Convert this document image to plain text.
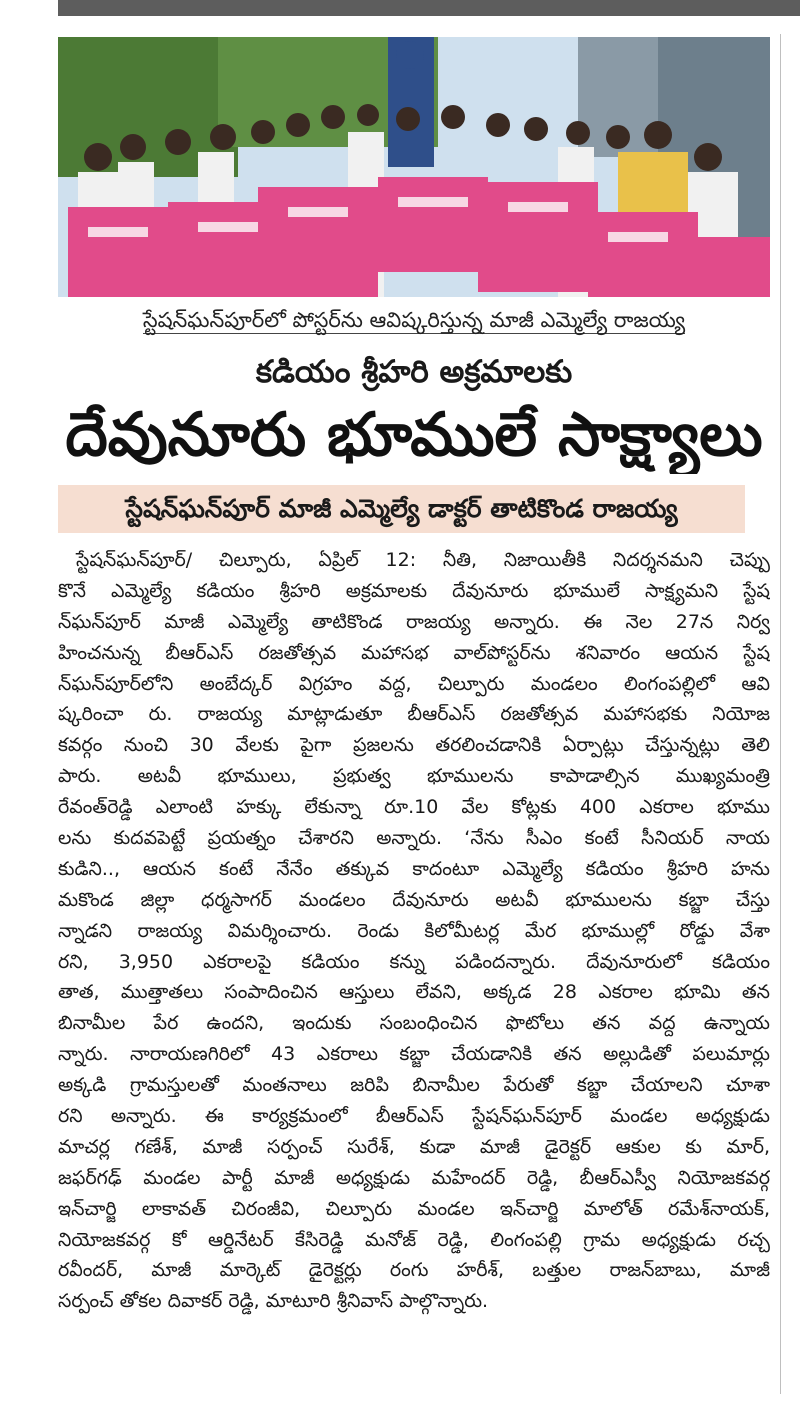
స్టేషన్‌ఘన్‌పూర్‌లో పోస్టర్‌ను ఆవిష్కరిస్తున్న మాజీ ఎమ్మెల్యే రాజయ్య
కడియం శ్రీహరి అక్రమాలకు
దేవునూరు భూములే సాక్ష్యాలు
స్టేషన్‌ఘన్‌పూర్ మాజీ ఎమ్మెల్యే డాక్టర్ తాటికొండ రాజయ్య
స్టేషన్‌ఘన్‌పూర్/ చిల్పూరు, ఏప్రిల్ 12: నీతి, నిజాయితీకి నిదర్శనమని చెప్పు
కొనే ఎమ్మెల్యే కడియం శ్రీహరి అక్రమాలకు దేవునూరు భూములే సాక్ష్యమని స్టేష
న్‌ఘన్‌పూర్ మాజీ ఎమ్మెల్యే తాటికొండ రాజయ్య అన్నారు. ఈ నెల 27న నిర్వ
హించనున్న బీఆర్ఎస్ రజతోత్సవ మహాసభ వాల్‌పోస్టర్‌ను శనివారం ఆయన స్టేష
న్‌ఘన్‌పూర్‌లోని అంబేద్కర్ విగ్రహం వద్ద, చిల్పూరు మండలం లింగంపల్లిలో ఆవి
ష్కరించా రు. రాజయ్య మాట్లాడుతూ బీఆర్ఎస్ రజతోత్సవ మహాసభకు నియోజ
కవర్గం నుంచి 30 వేలకు పైగా ప్రజలను తరలించడానికి ఏర్పాట్లు చేస్తున్నట్లు తెలి
పారు. అటవీ భూములు, ప్రభుత్వ భూములను కాపాడాల్సిన ముఖ్యమంత్రి
రేవంత్‌రెడ్డి ఎలాంటి హక్కు లేకున్నా రూ.10 వేల కోట్లకు 400 ఎకరాల భూము
లను కుదవపెట్టే ప్రయత్నం చేశారని అన్నారు. ‘నేను సీఎం కంటే సీనియర్ నాయ
కుడిని.., ఆయన కంటే నేనేం తక్కువ కాదంటూ ఎమ్మెల్యే కడియం శ్రీహరి హను
మకొండ జిల్లా ధర్మసాగర్ మండలం దేవునూరు అటవీ భూములను కబ్జా చేస్తు
న్నాడని రాజయ్య విమర్శించారు. రెండు కిలోమీటర్ల మేర భూముల్లో రోడ్డు వేశా
రని, 3,950 ఎకరాలపై కడియం కన్ను పడిందన్నారు. దేవునూరులో కడియం
తాత, ముత్తాతలు సంపాదించిన ఆస్తులు లేవని, అక్కడ 28 ఎకరాల భూమి తన
బినామీల పేర ఉందని, ఇందుకు సంబంధించిన ఫొటోలు తన వద్ద ఉన్నాయ
న్నారు. నారాయణగిరిలో 43 ఎకరాలు కబ్జా చేయడానికి తన అల్లుడితో పలుమార్లు
అక్కడి గ్రామస్తులతో మంతనాలు జరిపి బినామీల పేరుతో కబ్జా చేయాలని చూశా
రని అన్నారు. ఈ కార్యక్రమంలో బీఆర్ఎస్ స్టేషన్‌ఘన్‌పూర్ మండల అధ్యక్షుడు
మాచర్ల గణేశ్, మాజీ సర్పంచ్ సురేశ్, కుడా మాజీ డైరెక్టర్ ఆకుల కు మార్,
జఫర్‌గఢ్ మండల పార్టీ మాజీ అధ్యక్షుడు మహేందర్ రెడ్డి, బీఆర్ఎస్వీ నియోజకవర్గ
ఇన్‌చార్జి లాకావత్ చిరంజీవి, చిల్పూరు మండల ఇన్‌చార్జి మాలోత్ రమేశ్‌నాయక్,
నియోజకవర్గ కో ఆర్డినేటర్ కేసిరెడ్డి మనోజ్ రెడ్డి, లింగంపల్లి గ్రామ అధ్యక్షుడు రచ్చ
రవీందర్, మాజీ మార్కెట్ డైరెక్టర్లు రంగు హరీశ్, బత్తుల రాజన్‌బాబు, మాజీ
సర్పంచ్ తోకల దివాకర్ రెడ్డి, మాటూరి శ్రీనివాస్ పాల్గొన్నారు.
